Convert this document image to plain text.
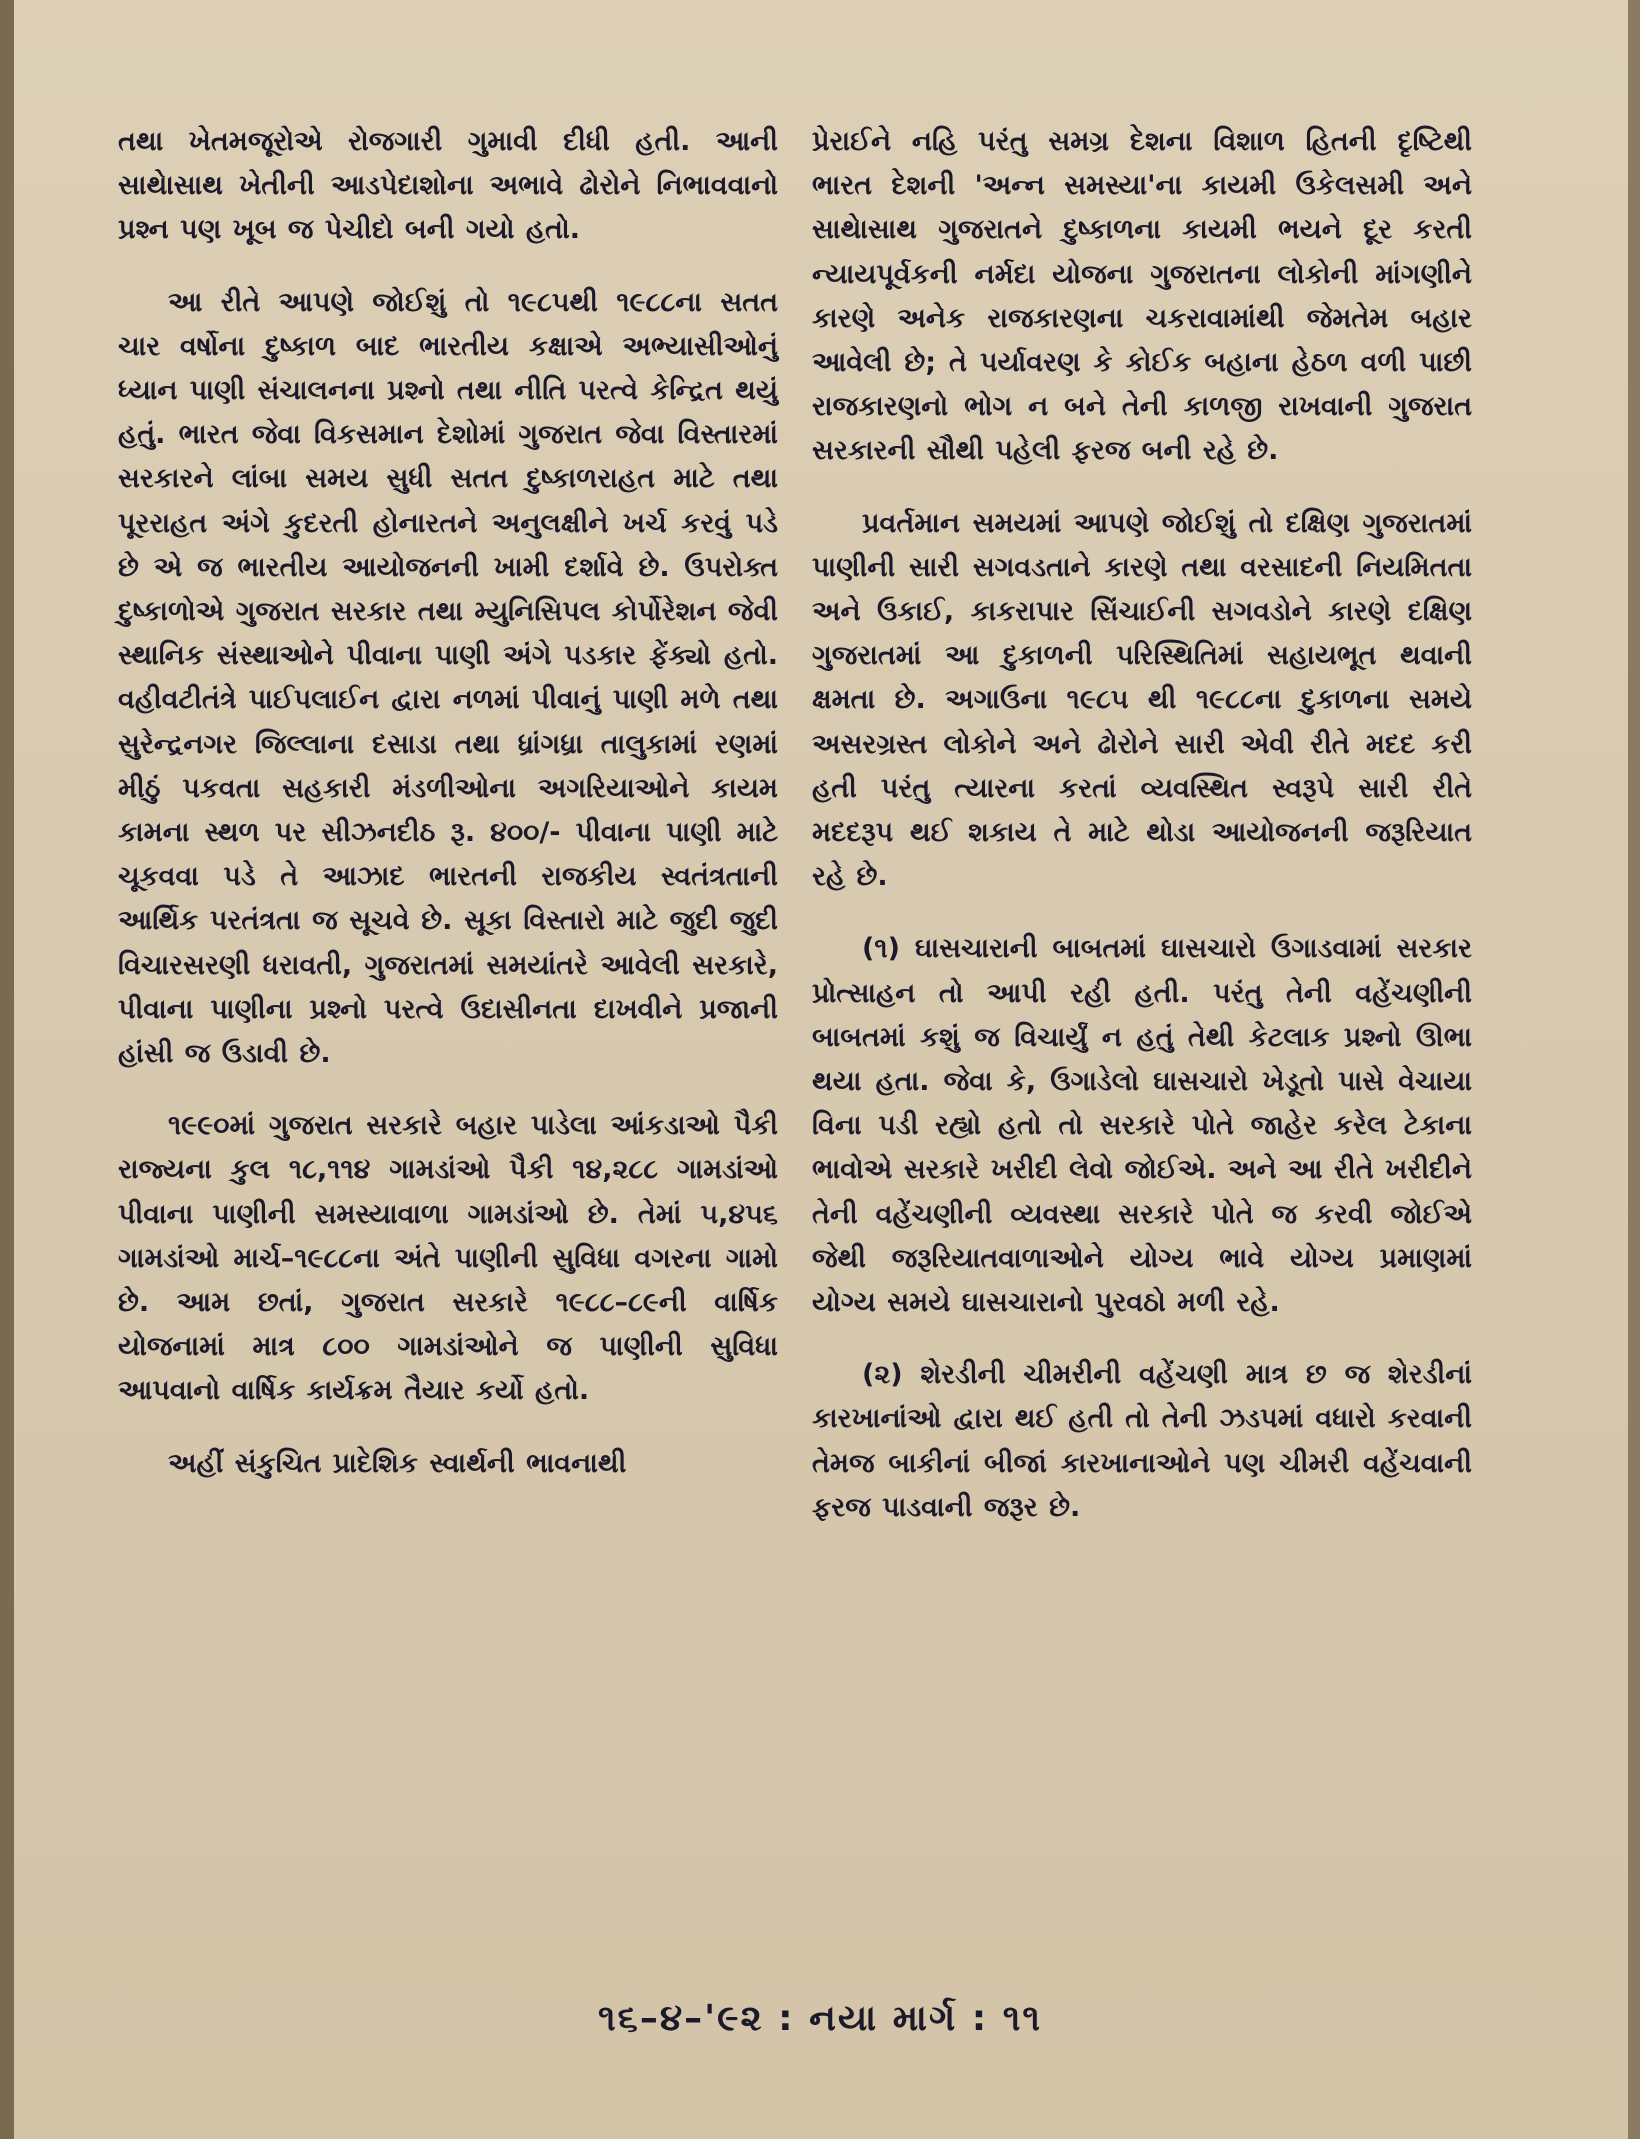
તથા ખેતમજૂરોએ રોજગારી ગુમાવી દીધી હતી. આની સાથેાસાથ ખેતીની આડપેદાશોના અભાવે ઢોરોને નિભાવવાનો પ્રશ્ન પણ ખૂબ જ પેચીદો બની ગયો હતો.

આ રીતે આપણે જોઈશું તો ૧૯૮૫થી ૧૯૮૮ના સતત ચાર વર્ષોના દુષ્કાળ બાદ ભારતીય કક્ષાએ અભ્યાસીઓનું ધ્યાન પાણી સંચાલનના પ્રશ્નો તથા નીતિ પરત્વે કેન્દ્રિત થયું હતું. ભારત જેવા વિકસમાન દેશોમાં ગુજરાત જેવા વિસ્તારમાં સરકારને લાંબા સમય સુધી સતત દુષ્કાળરાહત માટે તથા પૂરરાહત અંગે કુદરતી હોનારતને અનુલક્ષીને ખર્ચ કરવું પડે છે એ જ ભારતીય આયોજનની ખામી દર્શાવે છે. ઉપરોક્ત દુષ્કાળોએ ગુજરાત સરકાર તથા મ્યુનિસિપલ કોર્પોરેશન જેવી સ્થાનિક સંસ્થાઓને પીવાના પાણી અંગે પડકાર ફેંક્યો હતો. વહીવટીતંત્રે પાઈપલાઈન દ્વારા નળમાં પીવાનું પાણી મળે તથા સુરેન્દ્રનગર જિલ્લાના દસાડા તથા ધ્રાંગધ્રા તાલુકામાં રણમાં મીઠું પકવતા સહકારી મંડળીઓના અગરિયાઓને કાયમ કામના સ્થળ પર સીઝનદીઠ રૂ. ૪૦૦/- પીવાના પાણી માટે ચૂકવવા પડે તે આઝાદ ભારતની રાજકીય સ્વતંત્રતાની આર્થિક પરતંત્રતા જ સૂચવે છે. સૂકા વિસ્તારો માટે જુદી જુદી વિચારસરણી ધરાવતી, ગુજરાતમાં સમયાંતરે આવેલી સરકારે, પીવાના પાણીના પ્રશ્નો પરત્વે ઉદાસીનતા દાખવીને પ્રજાની હાંસી જ ઉડાવી છે.

૧૯૯૦માં ગુજરાત સરકારે બહાર પાડેલા આંકડાઓ પૈકી રાજ્યના કુલ ૧૮,૧૧૪ ગામડાંઓ પૈકી ૧૪,૨૮૮ ગામડાંઓ પીવાના પાણીની સમસ્યાવાળા ગામડાંઓ છે. તેમાં ૫,૪૫૬ ગામડાંઓ માર્ચ–૧૯૮૮ના અંતે પાણીની સુવિધા વગરના ગામો છે. આમ છતાં, ગુજરાત સરકારે ૧૯૮૮–૮૯ની વાર્ષિક યોજનામાં માત્ર ૮૦૦ ગામડાંઓને જ પાણીની સુવિધા આપવાનો વાર્ષિક કાર્યક્રમ તૈયાર કર્યો હતો.

અહીં સંકુચિત પ્રાદેશિક સ્વાર્થની ભાવનાથી

પ્રેરાઈને નહિ પરંતુ સમગ્ર દેશના વિશાળ હિતની દૃષ્ટિથી ભારત દેશની 'અન્ન સમસ્યા'ના કાયમી ઉકેલસમી અને સાથેાસાથ ગુજરાતને દુષ્કાળના કાયમી ભયને દૂર કરતી ન્યાયપૂર્વકની નર્મદા યોજના ગુજરાતના લોકોની માંગણીને કારણે અનેક રાજકારણના ચકરાવામાંથી જેમતેમ બહાર આવેલી છે; તે પર્યાવરણ કે કોઈક બહાના હેઠળ વળી પાછી રાજકારણનો ભોગ ન બને તેની કાળજી રાખવાની ગુજરાત સરકારની સૌથી પહેલી ફરજ બની રહે છે.

પ્રવર્તમાન સમયમાં આપણે જોઈશું તો દક્ષિણ ગુજરાતમાં પાણીની સારી સગવડતાને કારણે તથા વરસાદની નિયમિતતા અને ઉકાઈ, કાકરાપાર સિંચાઈની સગવડોને કારણે દક્ષિણ ગુજરાતમાં આ દુકાળની પરિસ્થિતિમાં સહાયભૂત થવાની ક્ષમતા છે. અગાઉના ૧૯૮૫ થી ૧૯૮૮ના દુકાળના સમયે અસરગ્રસ્ત લોકોને અને ઢોરોને સારી એવી રીતે મદદ કરી હતી પરંતુ ત્યારના કરતાં વ્યવસ્થિત સ્વરૂપે સારી રીતે મદદરૂપ થઈ શકાય તે માટે થોડા આયોજનની જરૂરિયાત રહે છે.

(૧) ઘાસચારાની બાબતમાં ઘાસચારો ઉગાડવામાં સરકાર પ્રોત્સાહન તો આપી રહી હતી. પરંતુ તેની વહેંચણીની બાબતમાં કશું જ વિચાર્યું ન હતું તેથી કેટલાક પ્રશ્નો ઊભા થયા હતા. જેવા કે, ઉગાડેલો ઘાસચારો ખેડૂતો પાસે વેચાયા વિના પડી રહ્યો હતો તો સરકારે પોતે જાહેર કરેલ ટેકાના ભાવોએ સરકારે ખરીદી લેવો જોઈએ. અને આ રીતે ખરીદીને તેની વહેંચણીની વ્યવસ્થા સરકારે પોતે જ કરવી જોઈએ જેથી જરૂરિયાતવાળાઓને યોગ્ય ભાવે યોગ્ય પ્રમાણમાં યોગ્ય સમયે ઘાસચારાનો પુરવઠો મળી રહે.

(૨) શેરડીની ચીમરીની વહેંચણી માત્ર છ જ શેરડીનાં કારખાનાંઓ દ્વારા થઈ હતી તો તેની ઝડપમાં વધારો કરવાની તેમજ બાકીનાં બીજાં કારખાનાઓને પણ ચીમરી વહેંચવાની ફરજ પાડવાની જરૂર છે.

૧૬–૪–'૯૨ : નયા માર્ગ : ૧૧
